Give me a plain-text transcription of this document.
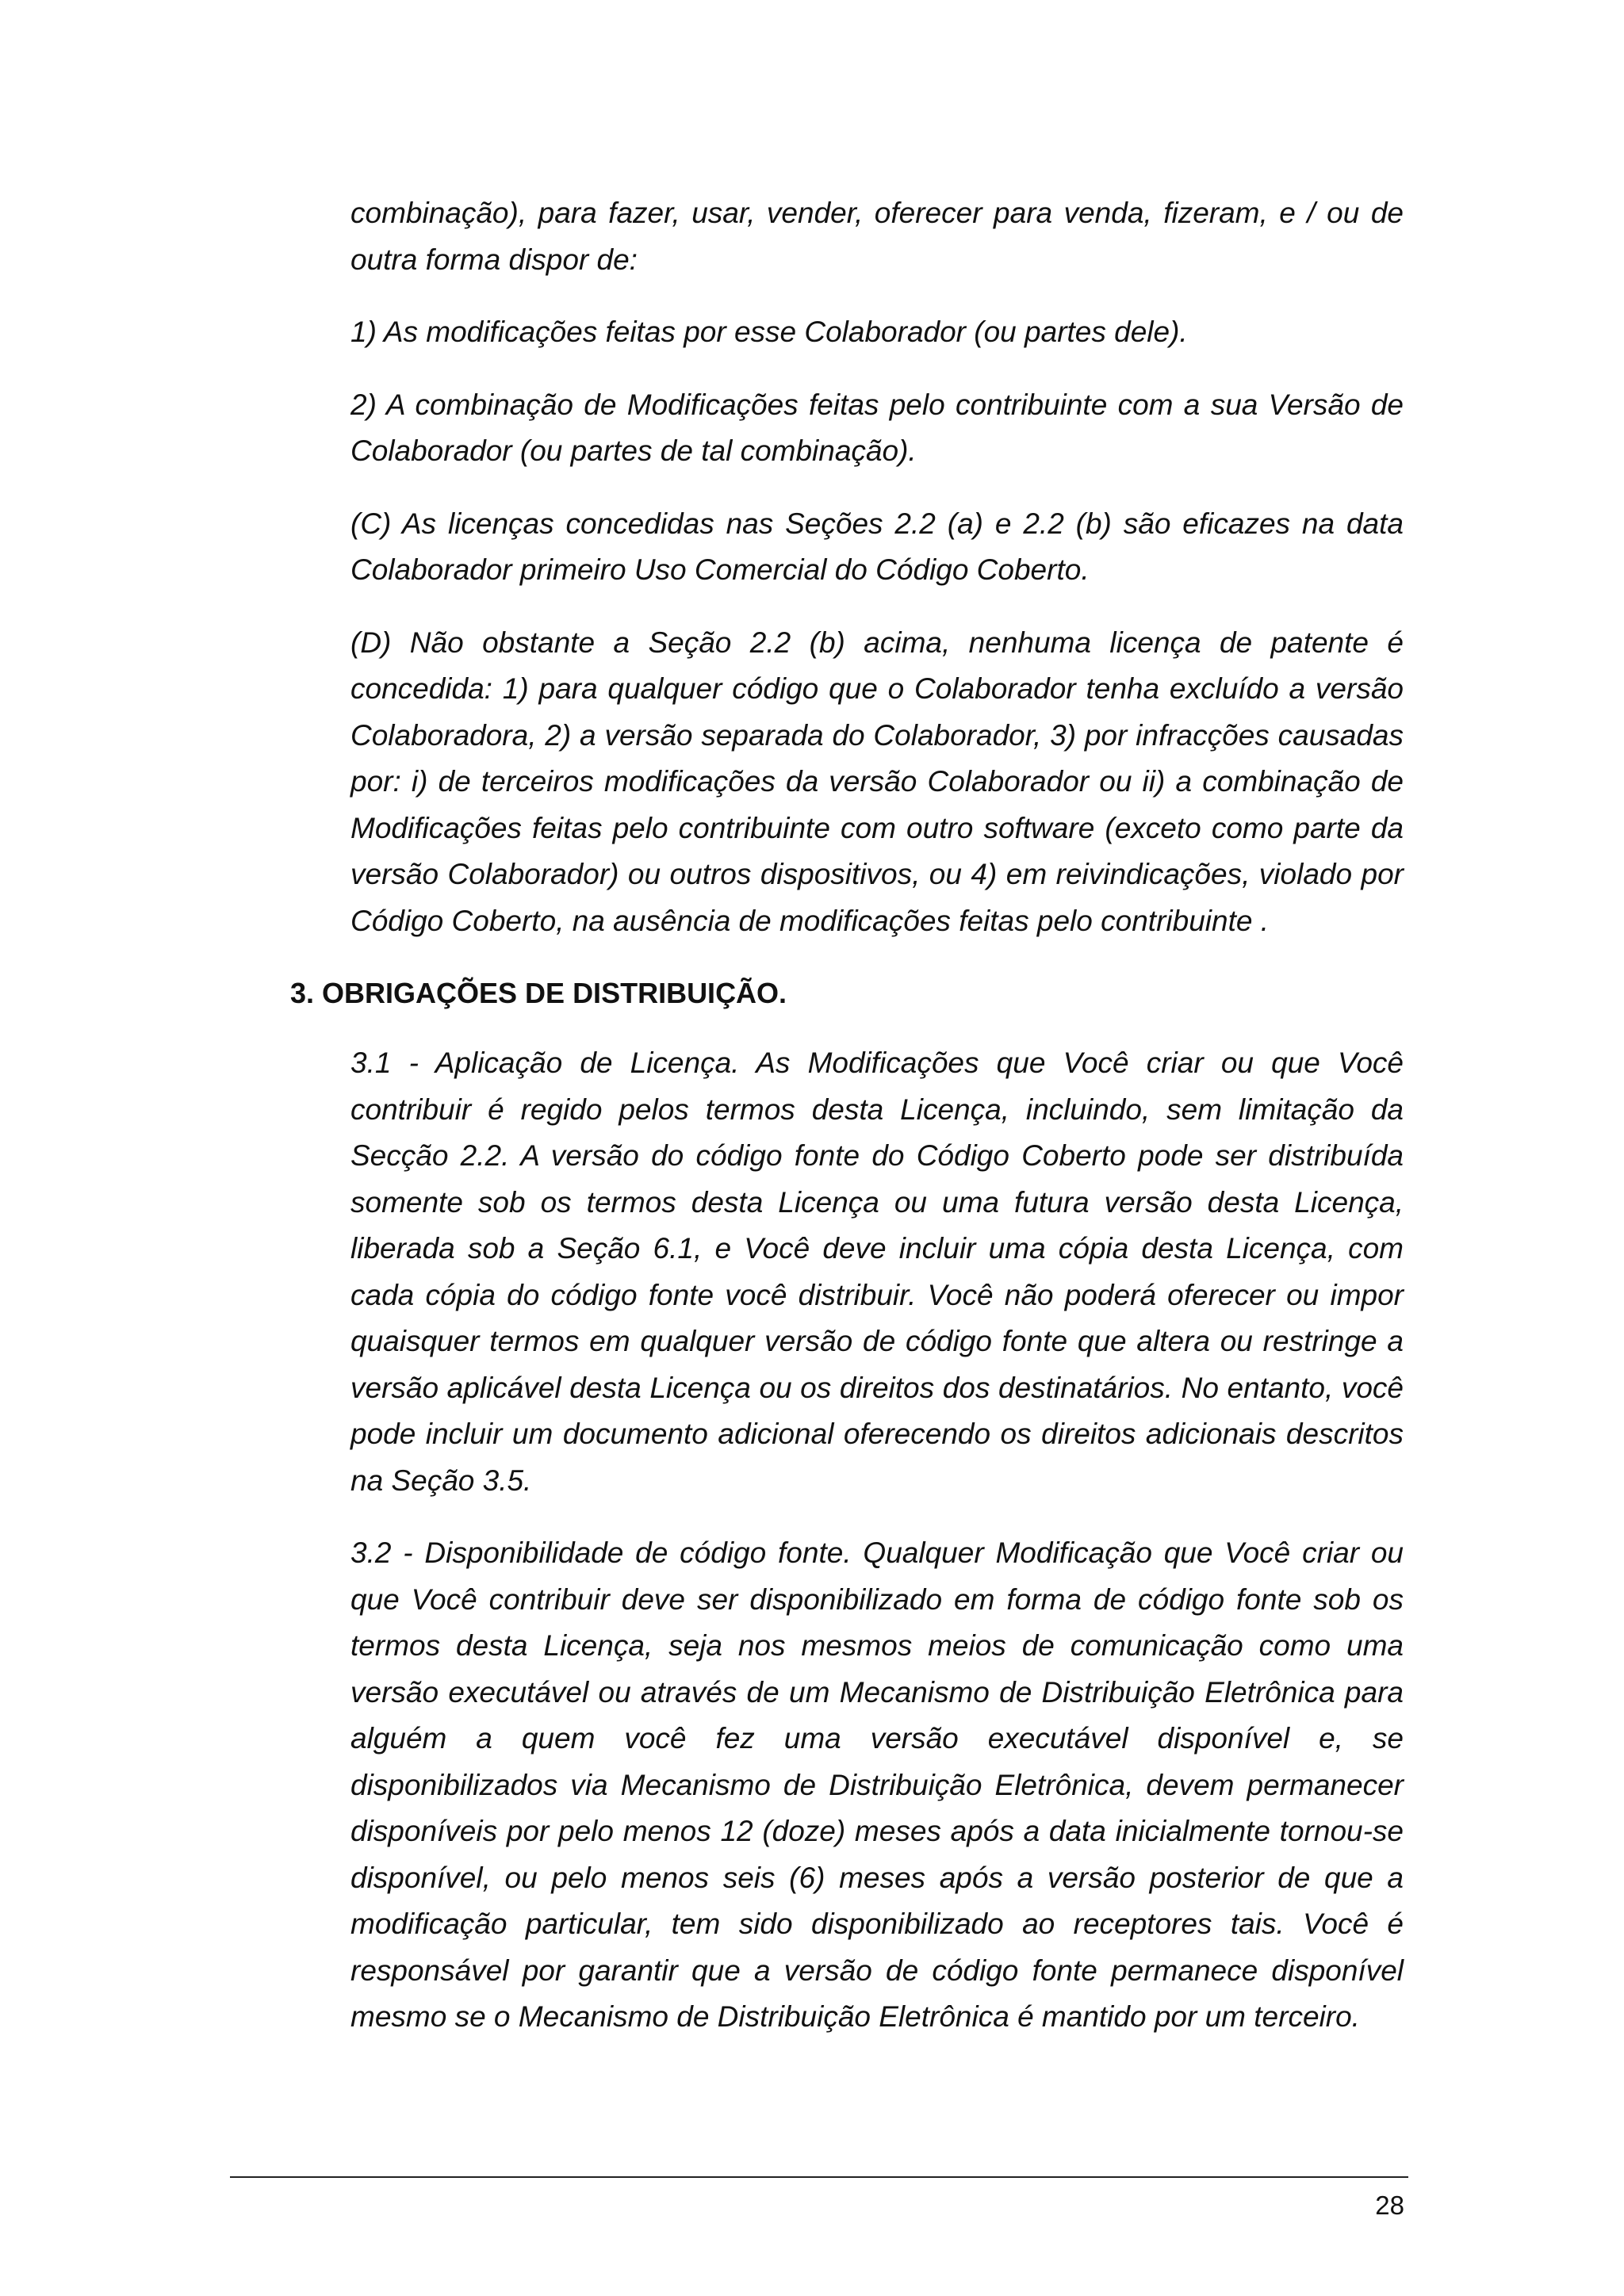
combinação), para fazer, usar, vender, oferecer para venda, fizeram, e / ou de outra forma dispor de:

1) As modificações feitas por esse Colaborador (ou partes dele).

2) A combinação de Modificações feitas pelo contribuinte com a sua Versão de Colaborador (ou partes de tal combinação).

(C) As licenças concedidas nas Seções 2.2 (a) e 2.2 (b) são eficazes na data Colaborador primeiro Uso Comercial do Código Coberto.

(D) Não obstante a Seção 2.2 (b) acima, nenhuma licença de patente é concedida: 1) para qualquer código que o Colaborador tenha excluído a versão Colaboradora, 2) a versão separada do Colaborador, 3) por infracções causadas por: i) de terceiros modificações da versão Colaborador ou ii) a combinação de Modificações feitas pelo contribuinte com outro software (exceto como parte da versão Colaborador) ou outros dispositivos, ou 4) em reivindicações, violado por Código Coberto, na ausência de modificações feitas pelo contribuinte .

3. OBRIGAÇÕES DE DISTRIBUIÇÃO.

3.1 - Aplicação de Licença. As Modificações que Você criar ou que Você contribuir é regido pelos termos desta Licença, incluindo, sem limitação da Secção 2.2. A versão do código fonte do Código Coberto pode ser distribuída somente sob os termos desta Licença ou uma futura versão desta Licença, liberada sob a Seção 6.1, e Você deve incluir uma cópia desta Licença, com cada cópia do código fonte você distribuir. Você não poderá oferecer ou impor quaisquer termos em qualquer versão de código fonte que altera ou restringe a versão aplicável desta Licença ou os direitos dos destinatários. No entanto, você pode incluir um documento adicional oferecendo os direitos adicionais descritos na Seção 3.5.

3.2 - Disponibilidade de código fonte. Qualquer Modificação que Você criar ou que Você contribuir deve ser disponibilizado em forma de código fonte sob os termos desta Licença, seja nos mesmos meios de comunicação como uma versão executável ou através de um Mecanismo de Distribuição Eletrônica para alguém a quem você fez uma versão executável disponível e, se disponibilizados via Mecanismo de Distribuição Eletrônica, devem permanecer disponíveis por pelo menos 12 (doze) meses após a data inicialmente tornou-se disponível, ou pelo menos seis (6) meses após a versão posterior de que a modificação particular, tem sido disponibilizado ao receptores tais. Você é responsável por garantir que a versão de código fonte permanece disponível mesmo se o Mecanismo de Distribuição Eletrônica é mantido por um terceiro.

28
